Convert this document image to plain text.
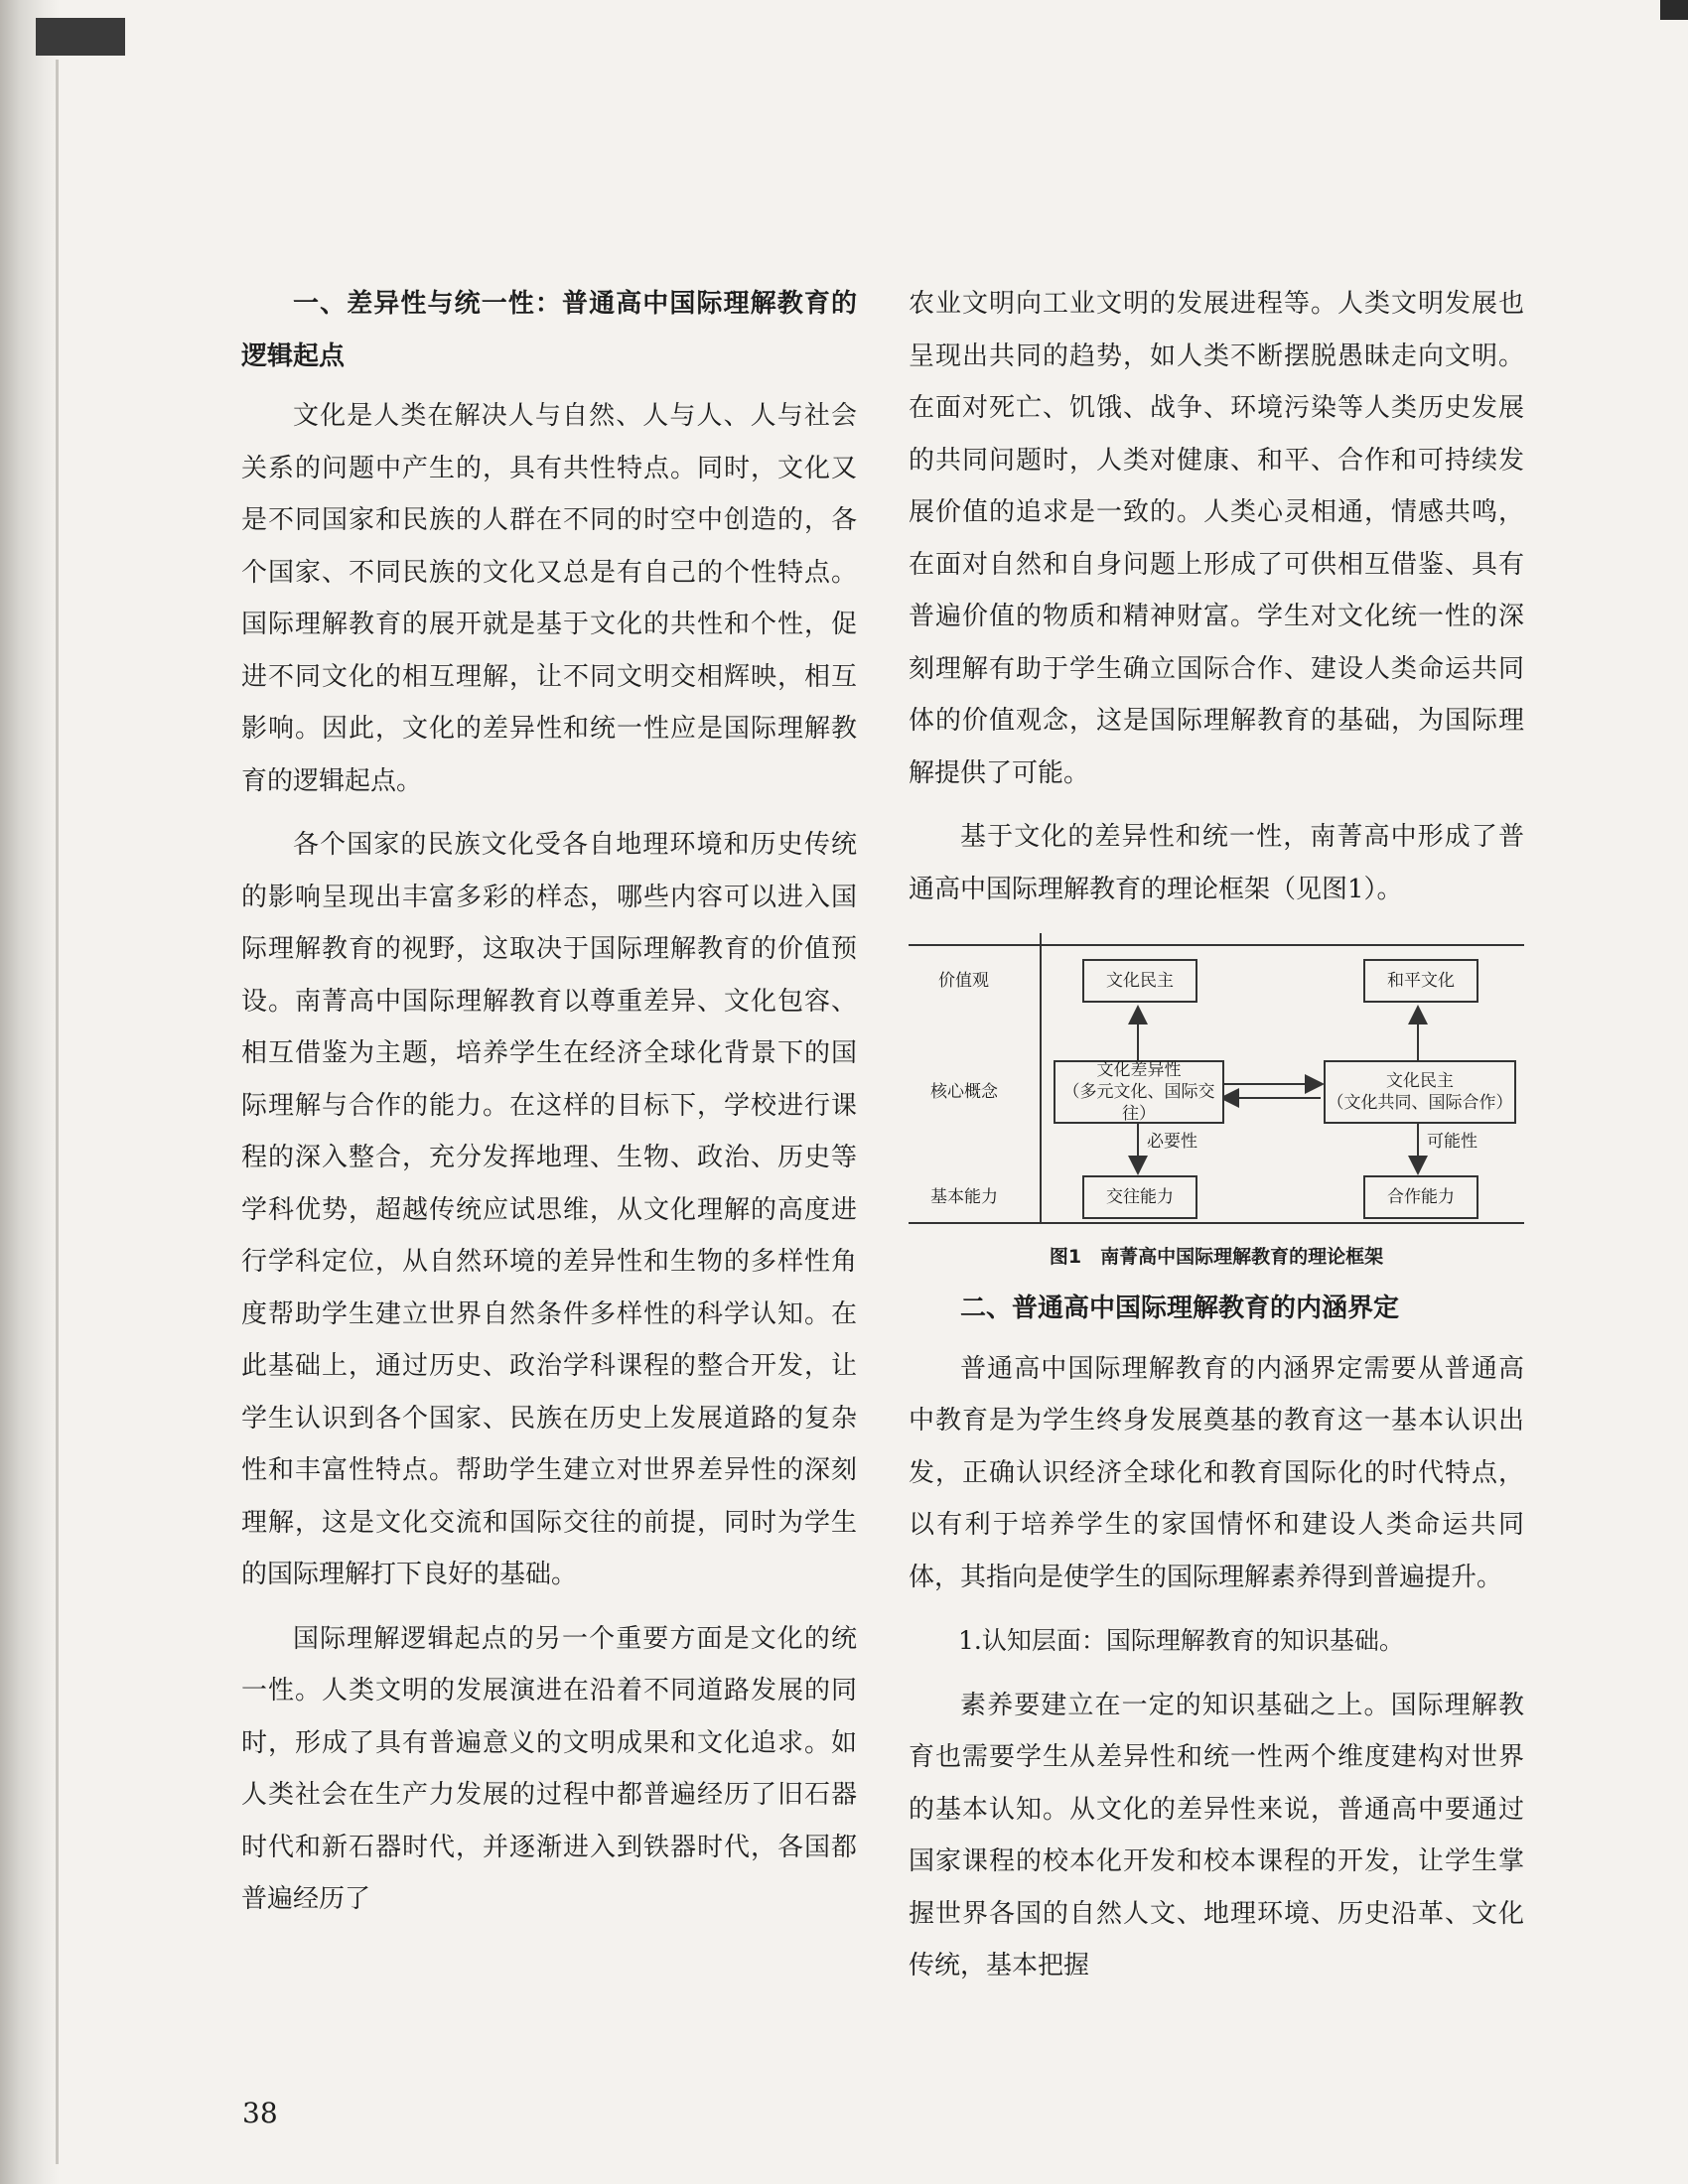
一、差异性与统一性：普通高中国际理解教育的逻辑起点

文化是人类在解决人与自然、人与人、人与社会关系的问题中产生的，具有共性特点。同时，文化又是不同国家和民族的人群在不同的时空中创造的，各个国家、不同民族的文化又总是有自己的个性特点。国际理解教育的展开就是基于文化的共性和个性，促进不同文化的相互理解，让不同文明交相辉映，相互影响。因此，文化的差异性和统一性应是国际理解教育的逻辑起点。

各个国家的民族文化受各自地理环境和历史传统的影响呈现出丰富多彩的样态，哪些内容可以进入国际理解教育的视野，这取决于国际理解教育的价值预设。南菁高中国际理解教育以尊重差异、文化包容、相互借鉴为主题，培养学生在经济全球化背景下的国际理解与合作的能力。在这样的目标下，学校进行课程的深入整合，充分发挥地理、生物、政治、历史等学科优势，超越传统应试思维，从文化理解的高度进行学科定位，从自然环境的差异性和生物的多样性角度帮助学生建立世界自然条件多样性的科学认知。在此基础上，通过历史、政治学科课程的整合开发，让学生认识到各个国家、民族在历史上发展道路的复杂性和丰富性特点。帮助学生建立对世界差异性的深刻理解，这是文化交流和国际交往的前提，同时为学生的国际理解打下良好的基础。

国际理解逻辑起点的另一个重要方面是文化的统一性。人类文明的发展演进在沿着不同道路发展的同时，形成了具有普遍意义的文明成果和文化追求。如人类社会在生产力发展的过程中都普遍经历了旧石器时代和新石器时代，并逐渐进入到铁器时代，各国都普遍经历了

农业文明向工业文明的发展进程等。人类文明发展也呈现出共同的趋势，如人类不断摆脱愚昧走向文明。在面对死亡、饥饿、战争、环境污染等人类历史发展的共同问题时，人类对健康、和平、合作和可持续发展价值的追求是一致的。人类心灵相通，情感共鸣，在面对自然和自身问题上形成了可供相互借鉴、具有普遍价值的物质和精神财富。学生对文化统一性的深刻理解有助于学生确立国际合作、建设人类命运共同体的价值观念，这是国际理解教育的基础，为国际理解提供了可能。

基于文化的差异性和统一性，南菁高中形成了普通高中国际理解教育的理论框架（见图1）。

价值观
核心概念
基本能力
文化民主	和平文化
文化差异性
（多元文化、国际交往）
文化民主
（文化共同、国际合作）
必要性	可能性
交往能力	合作能力
图1　南菁高中国际理解教育的理论框架
二、普通高中国际理解教育的内涵界定

普通高中国际理解教育的内涵界定需要从普通高中教育是为学生终身发展奠基的教育这一基本认识出发，正确认识经济全球化和教育国际化的时代特点，以有利于培养学生的家国情怀和建设人类命运共同体，其指向是使学生的国际理解素养得到普遍提升。

1.认知层面：国际理解教育的知识基础。

素养要建立在一定的知识基础之上。国际理解教育也需要学生从差异性和统一性两个维度建构对世界的基本认知。从文化的差异性来说，普通高中要通过国家课程的校本化开发和校本课程的开发，让学生掌握世界各国的自然人文、地理环境、历史沿革、文化传统，基本把握

38
